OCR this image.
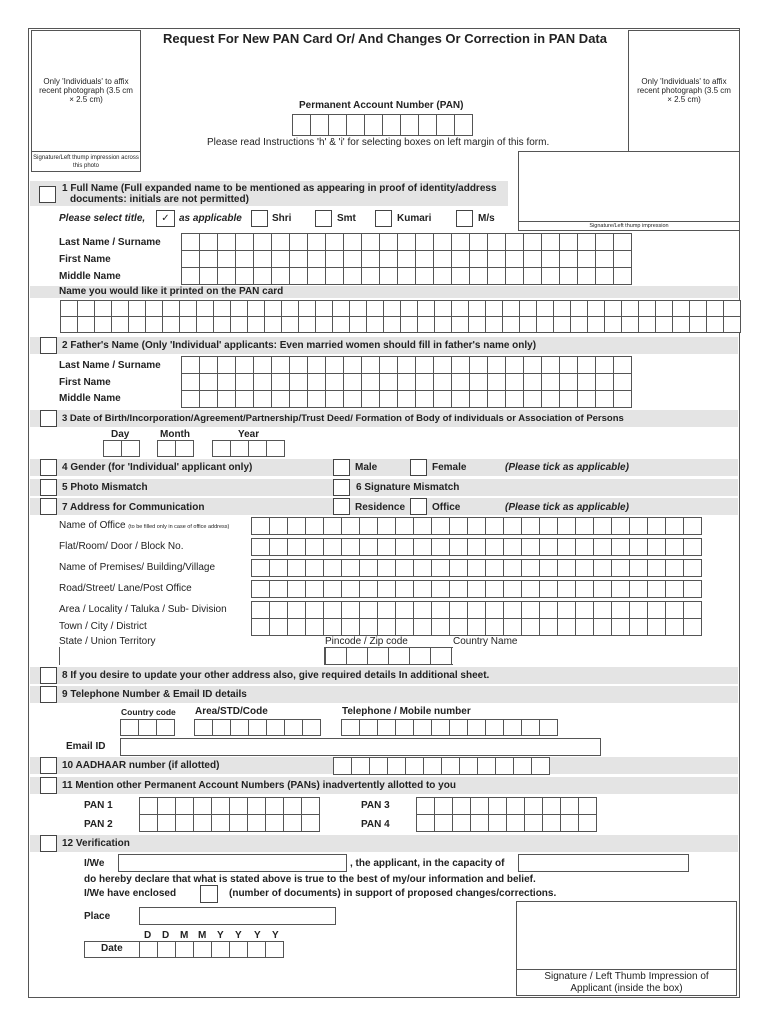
Request For New PAN Card Or/ And Changes Or Correction in PAN Data
Only 'Individuals' to affix recent photograph (3.5 cm × 2.5 cm)
Signature/Left thump impression across this photo
Only 'Individuals' to affix recent photograph (3.5 cm × 2.5 cm)
Signature/Left thump impression
Permanent Account Number (PAN)
Please read Instructions 'h' & 'i' for selecting boxes on left margin of this form.
1 Full Name (Full expanded name to be mentioned as appearing in proof of identity/address
documents: initials are not permitted)
Please select title,	✓ as applicable	Shri	Smt	Kumari	M/s
Last Name / Surname
First Name
Middle Name

Name you would like it printed on the PAN card

2 Father's Name (Only 'Individual' applicants: Even married women should fill in father's name only)
Last Name / Surname
First Name
Middle Name

3 Date of Birth/Incorporation/Agreement/Partnership/Trust Deed/ Formation of Body of individuals or Association of Persons
Day	Month	Year
4 Gender (for 'Individual' applicant only)	Male	Female	(Please tick as applicable)
5 Photo Mismatch	6 Signature Mismatch
7 Address for Communication	Residence	Office	(Please tick as applicable)
Name of Office (to be filled only in case of office address)
Flat/Room/ Door / Block No.
Name of Premises/ Building/Village
Road/Street/ Lane/Post Office
Area / Locality / Taluka / Sub- Division
Town / City / District
State / Union Territory

																									Pincode / Zip code	Country Name
8 If you desire to update your other address also, give required details In additional sheet.
9 Telephone Number & Email ID details
Country code Area/STD/Code	Telephone / Mobile number
Email ID
10 AADHAAR number (if allotted)
11 Mention other Permanent Account Numbers (PANs) inadvertently allotted to you
PAN 1
PAN 2
PAN 3
PAN 4

12 Verification
I/We	, the applicant, in the capacity of
do hereby declare that what is stated above is true to the best of my/our information and belief.
I/We have enclosed	(number of documents) in support of proposed changes/corrections.
Place
D D M M Y Y Y Y
Date
Signature / Left Thumb Impression of Applicant (inside the box)
